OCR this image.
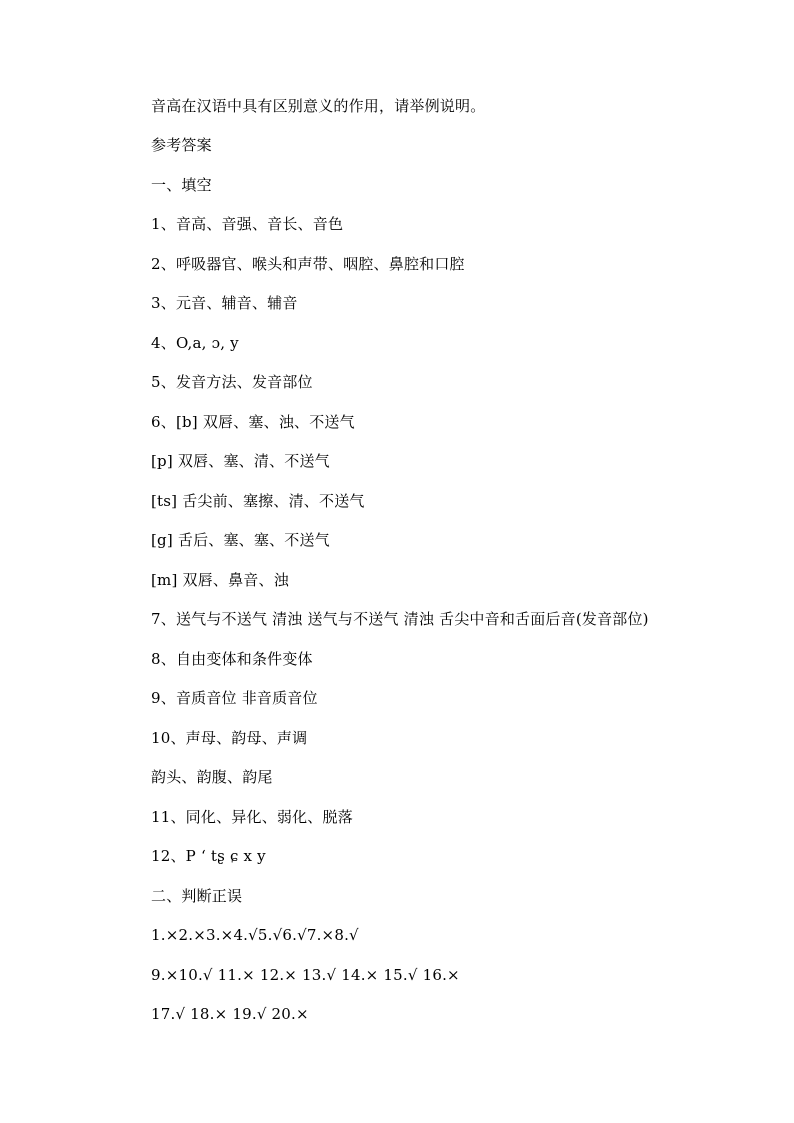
音高在汉语中具有区别意义的作用，请举例说明。
参考答案
一、填空
1、音高、音强、音长、音色
2、呼吸器官、喉头和声带、咽腔、鼻腔和口腔
3、元音、辅音、辅音
4、O,a, ɔ, y
5、发音方法、发音部位
6、[b] 双唇、塞、浊、不送气
[p] 双唇、塞、清、不送气
[ts] 舌尖前、塞擦、清、不送气
[g] 舌后、塞、塞、不送气
[m] 双唇、鼻音、浊
7、送气与不送气 清浊 送气与不送气 清浊 舌尖中音和舌面后音(发音部位)
8、自由变体和条件变体
9、音质音位 非音质音位
10、声母、韵母、声调
韵头、韵腹、韵尾
11、同化、异化、弱化、脱落
12、P ‘ tʂ ɕ x y
二、判断正误
1.×2.×3.×4.√5.√6.√7.×8.√
9.×10.√ 11.× 12.× 13.√ 14.× 15.√ 16.×
17.√ 18.× 19.√ 20.×
